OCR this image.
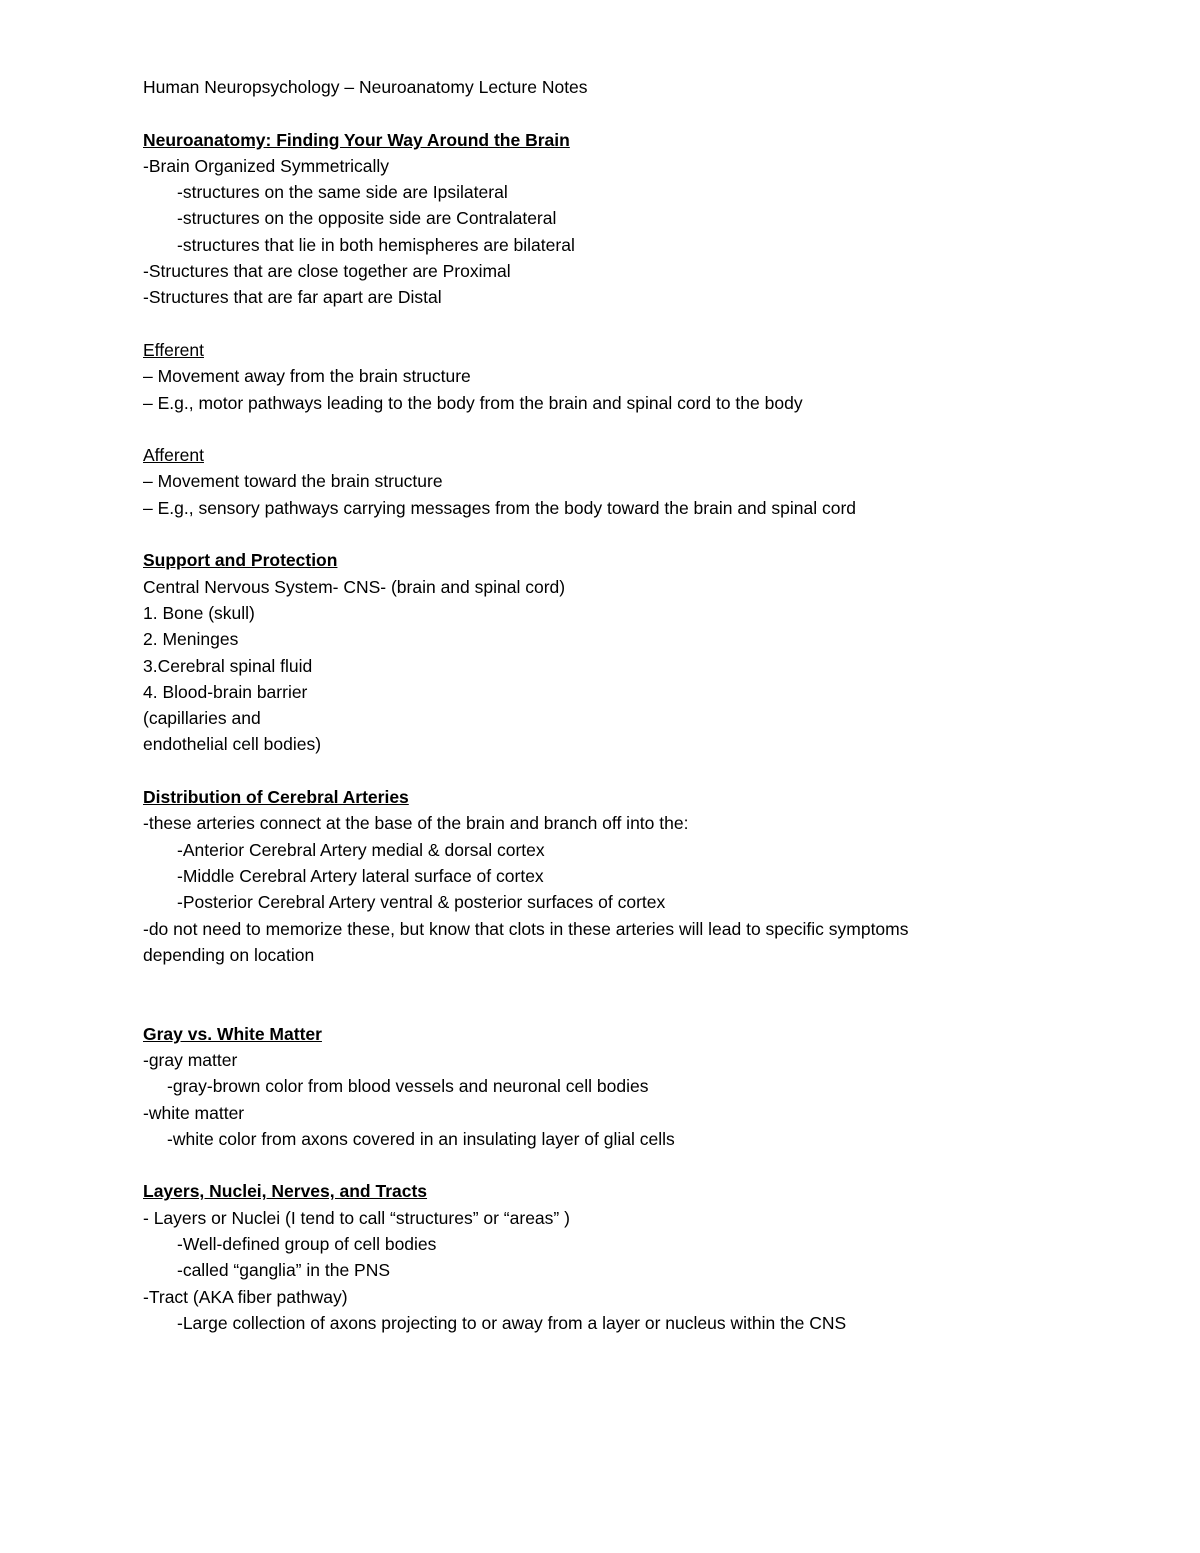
Human Neuropsychology – Neuroanatomy Lecture Notes
Neuroanatomy: Finding Your Way Around the Brain
-Brain Organized Symmetrically
-structures on the same side are Ipsilateral
-structures on the opposite side are Contralateral
-structures that lie in both hemispheres are bilateral
-Structures that are close together are Proximal
-Structures that are far apart are Distal
Efferent
– Movement away from the brain structure
– E.g., motor pathways leading to the body from the brain and spinal cord to the body
Afferent
– Movement toward the brain structure
– E.g., sensory pathways carrying messages from the body toward the brain and spinal cord
Support and Protection
Central Nervous System- CNS- (brain and spinal cord)
1. Bone (skull)
2. Meninges
3.Cerebral spinal fluid
4. Blood-brain barrier
(capillaries and
endothelial cell bodies)
Distribution of Cerebral Arteries
-these arteries connect at the base of the brain and branch off into the:
-Anterior Cerebral Artery medial & dorsal cortex
-Middle Cerebral Artery lateral surface of cortex
-Posterior Cerebral Artery ventral & posterior surfaces of cortex
-do not need to memorize these, but know that clots in these arteries will lead to specific symptoms
depending on location
Gray vs. White Matter
-gray matter
-gray-brown color from blood vessels and neuronal cell bodies
-white matter
-white color from axons covered in an insulating layer of glial cells
Layers, Nuclei, Nerves, and Tracts
- Layers or Nuclei (I tend to call “structures” or “areas” )
-Well-defined group of cell bodies
-called “ganglia” in the PNS
-Tract (AKA fiber pathway)
-Large collection of axons projecting to or away from a layer or nucleus within the CNS
